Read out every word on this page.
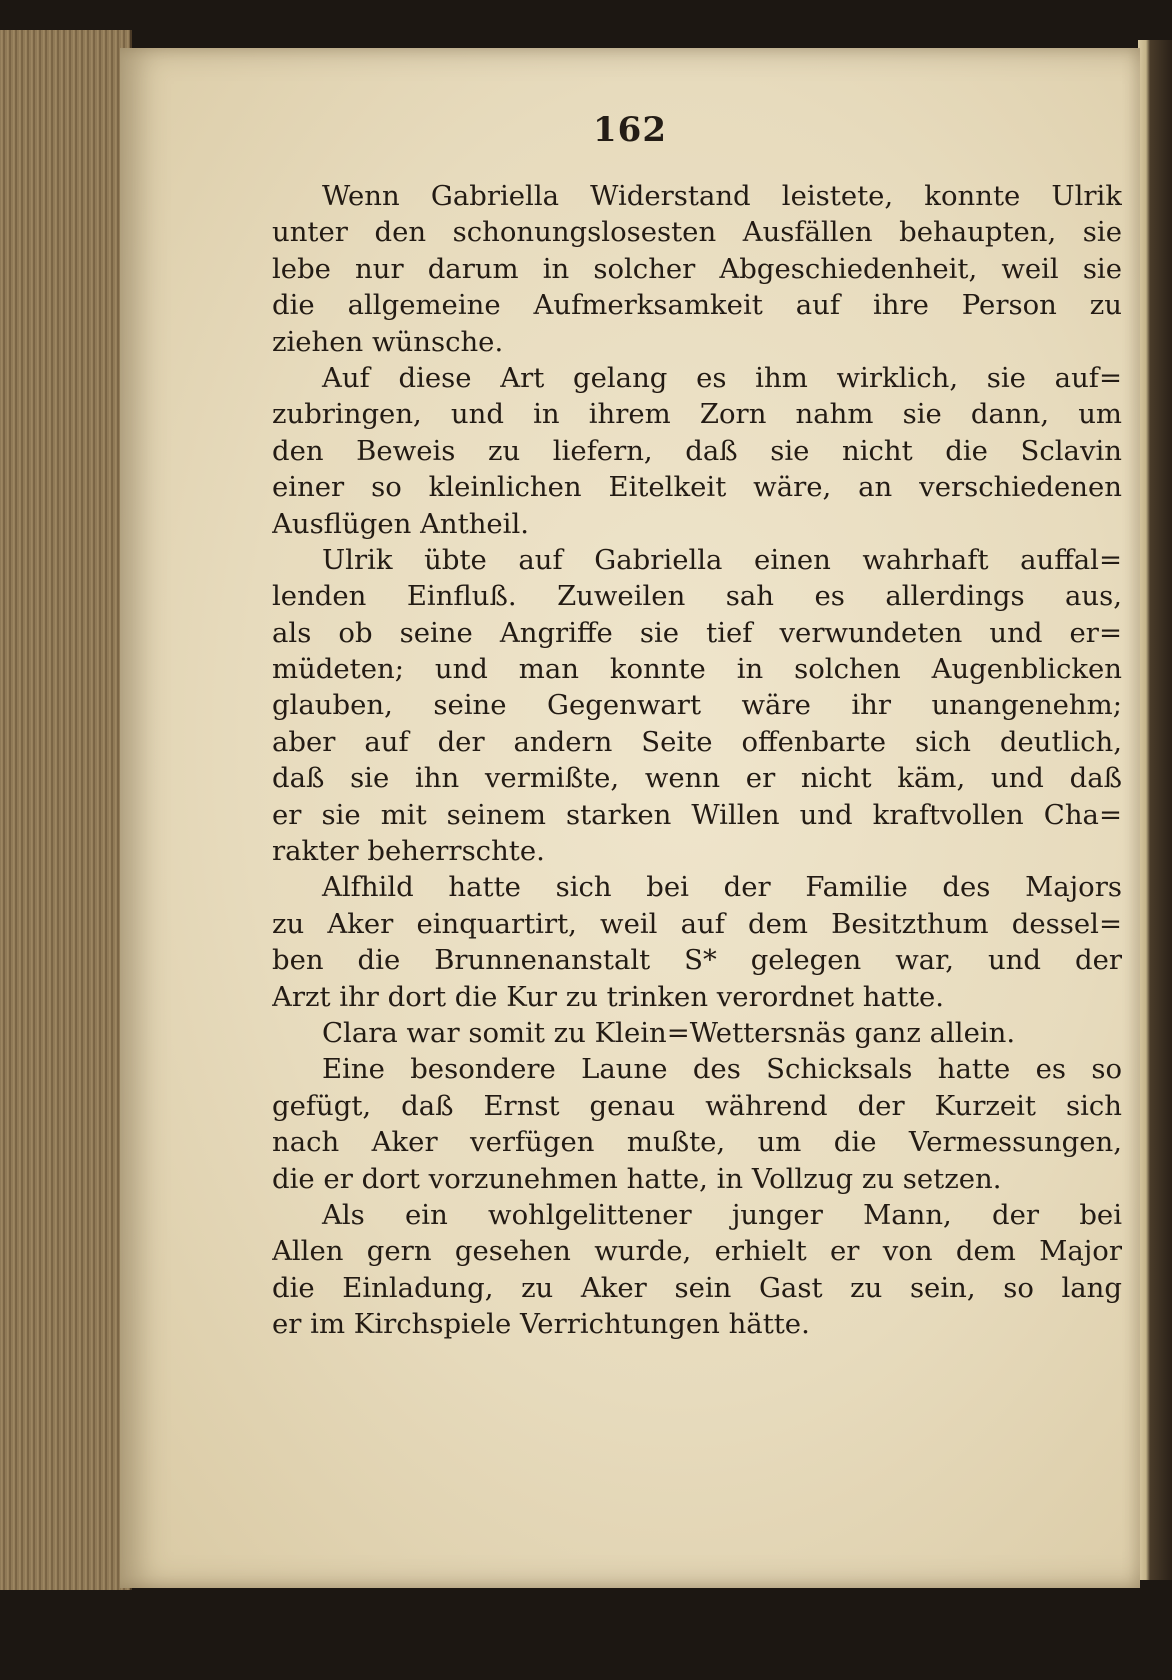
162
Wenn Gabriella Widerstand leistete, konnte Ulrik
unter den schonungslosesten Ausfällen behaupten, sie
lebe nur darum in solcher Abgeschiedenheit, weil sie
die allgemeine Aufmerksamkeit auf ihre Person zu
ziehen wünsche.
Auf diese Art gelang es ihm wirklich, sie auf=
zubringen, und in ihrem Zorn nahm sie dann, um
den Beweis zu liefern, daß sie nicht die Sclavin
einer so kleinlichen Eitelkeit wäre, an verschiedenen
Ausflügen Antheil.
Ulrik übte auf Gabriella einen wahrhaft auffal=
lenden Einfluß. Zuweilen sah es allerdings aus,
als ob seine Angriffe sie tief verwundeten und er=
müdeten; und man konnte in solchen Augenblicken
glauben, seine Gegenwart wäre ihr unangenehm;
aber auf der andern Seite offenbarte sich deutlich,
daß sie ihn vermißte, wenn er nicht käm, und daß
er sie mit seinem starken Willen und kraftvollen Cha=
rakter beherrschte.
Alfhild hatte sich bei der Familie des Majors
zu Aker einquartirt, weil auf dem Besitzthum dessel=
ben die Brunnenanstalt S* gelegen war, und der
Arzt ihr dort die Kur zu trinken verordnet hatte.
Clara war somit zu Klein=Wettersnäs ganz allein.
Eine besondere Laune des Schicksals hatte es so
gefügt, daß Ernst genau während der Kurzeit sich
nach Aker verfügen mußte, um die Vermessungen,
die er dort vorzunehmen hatte, in Vollzug zu setzen.
Als ein wohlgelittener junger Mann, der bei
Allen gern gesehen wurde, erhielt er von dem Major
die Einladung, zu Aker sein Gast zu sein, so lang
er im Kirchspiele Verrichtungen hätte.
